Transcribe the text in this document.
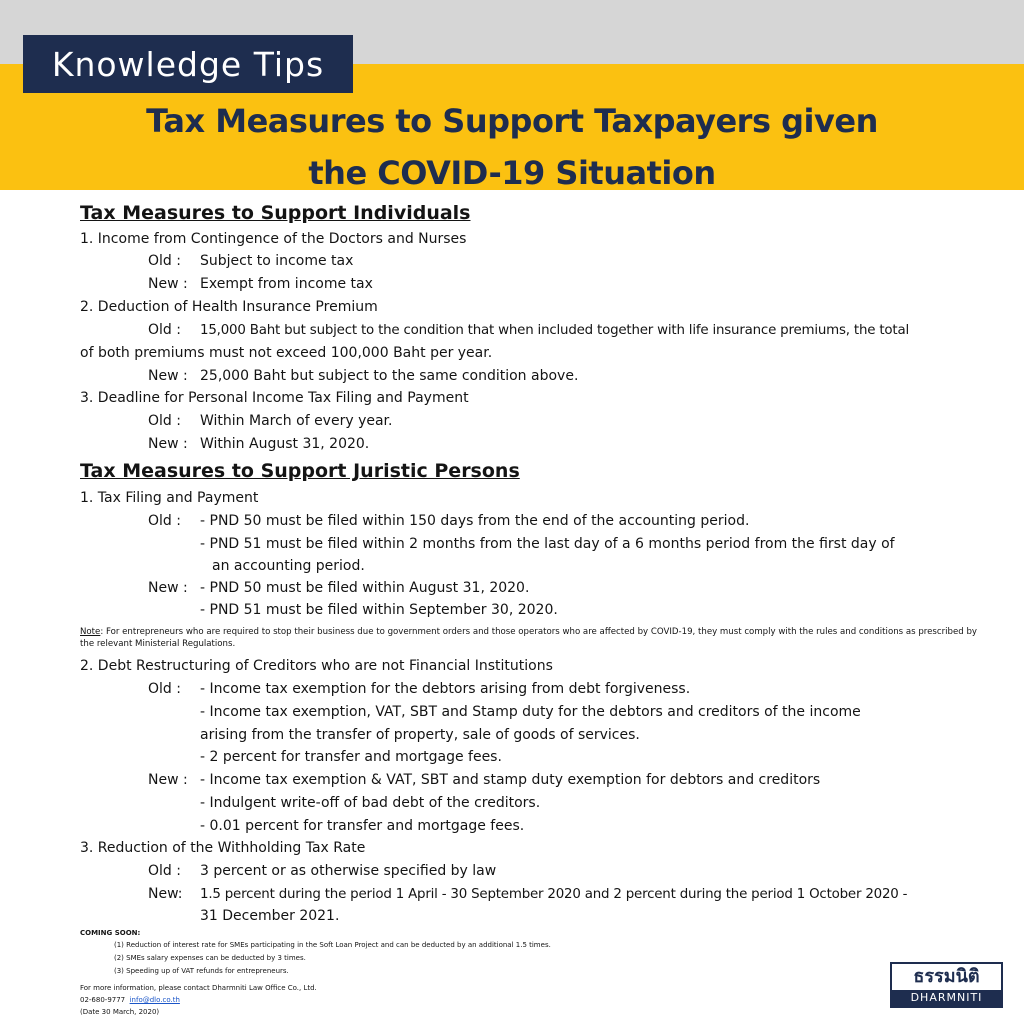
Knowledge Tips
Tax Measures to Support Taxpayers given
the COVID-19 Situation
Tax Measures to Support Individuals
1. Income from Contingence of the Doctors and Nurses
Old : Subject to income tax
New : Exempt from income tax
2. Deduction of Health Insurance Premium
Old : 15,000 Baht but subject to the condition that when included together with life insurance premiums, the total
of both premiums must not exceed 100,000 Baht per year.
New : 25,000 Baht but subject to the same condition above.
3. Deadline for Personal Income Tax Filing and Payment
Old : Within March of every year.
New : Within August 31, 2020.
Tax Measures to Support Juristic Persons
1. Tax Filing and Payment
Old : - PND 50 must be filed within 150 days from the end of the accounting period.
- PND 51 must be filed within 2 months from the last day of a 6 months period from the first day of
an accounting period.
New : - PND 50 must be filed within August 31, 2020.
- PND 51 must be filed within September 30, 2020.
Note: For entrepreneurs who are required to stop their business due to government orders and those operators who are affected by COVID-19, they must comply with the rules and conditions as prescribed by the relevant Ministerial Regulations.
2. Debt Restructuring of Creditors who are not Financial Institutions
Old : - Income tax exemption for the debtors arising from debt forgiveness.
- Income tax exemption, VAT, SBT and Stamp duty for the debtors and creditors of the income
arising from the transfer of property, sale of goods of services.
- 2 percent for transfer and mortgage fees.
New : - Income tax exemption & VAT, SBT and stamp duty exemption for debtors and creditors
- Indulgent write-off of bad debt of the creditors.
- 0.01 percent for transfer and mortgage fees.
3. Reduction of the Withholding Tax Rate
Old : 3 percent or as otherwise specified by law
New: 1.5 percent during the period 1 April - 30 September 2020 and 2 percent during the period 1 October 2020 -
31 December 2021.
COMING SOON:
(1) Reduction of interest rate for SMEs participating in the Soft Loan Project and can be deducted by an additional 1.5 times.
(2) SMEs salary expenses can be deducted by 3 times.
(3) Speeding up of VAT refunds for entrepreneurs.
For more information, please contact Dharmniti Law Office Co., Ltd.
02-680-9777 info@dlo.co.th
(Date 30 March, 2020)
ธรรมนิติ
DHARMNITI
